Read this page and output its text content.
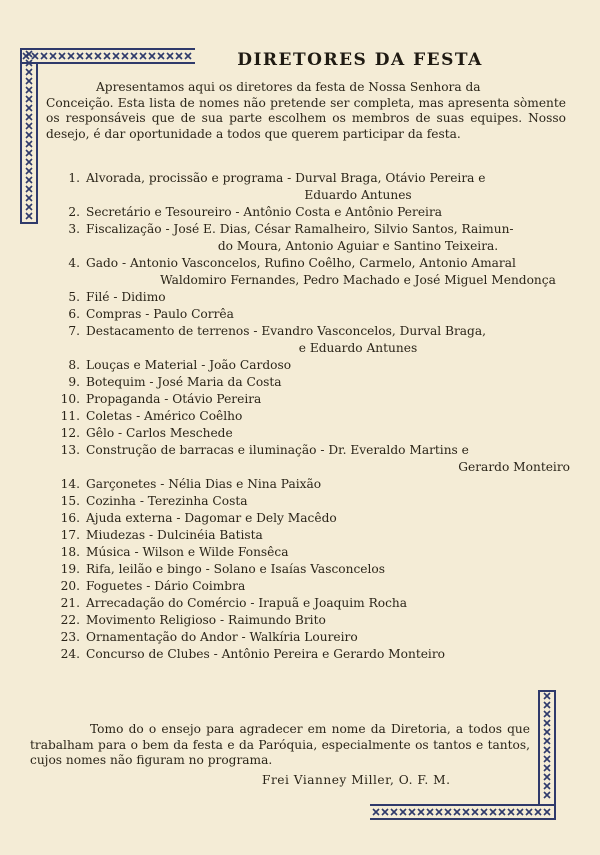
DIRETORES DA FESTA
Apresentamos aqui os diretores da festa de Nossa Senhora da
Conceição. Esta lista de nomes não pretende ser completa, mas apresenta sòmente os responsáveis que de sua parte escolhem os membros de suas equipes. Nosso desejo, é dar oportunidade a todos que querem participar da festa.
1. Alvorada, procissão e programa - Durval Braga, Otávio Pereira e
Eduardo Antunes
2. Secretário e Tesoureiro - Antônio Costa e Antônio Pereira
3. Fiscalização - José E. Dias, César Ramalheiro, Silvio Santos, Raimun-
do Moura, Antonio Aguiar e Santino Teixeira.
4. Gado - Antonio Vasconcelos, Rufino Coêlho, Carmelo, Antonio Amaral
Waldomiro Fernandes, Pedro Machado e José Miguel Mendonça
5. Filé - Didimo
6. Compras - Paulo Corrêa
7. Destacamento de terrenos - Evandro Vasconcelos, Durval Braga,
e Eduardo Antunes
8. Louças e Material - João Cardoso
9. Botequim - José Maria da Costa
10. Propaganda - Otávio Pereira
11. Coletas - Américo Coêlho
12. Gêlo - Carlos Meschede
13. Construção de barracas e iluminação - Dr. Everaldo Martins e
Gerardo Monteiro
14. Garçonetes - Nélia Dias e Nina Paixão
15. Cozinha - Terezinha Costa
16. Ajuda externa - Dagomar e Dely Macêdo
17. Miudezas - Dulcinéia Batista
18. Música - Wilson e Wilde Fonsêca
19. Rifa, leilão e bingo - Solano e Isaías Vasconcelos
20. Foguetes - Dário Coimbra
21. Arrecadação do Comércio - Irapuã e Joaquim Rocha
22. Movimento Religioso - Raimundo Brito
23. Ornamentação do Andor - Walkíria Loureiro
24. Concurso de Clubes - Antônio Pereira e Gerardo Monteiro
Tomo do o ensejo para agradecer em nome da Diretoria, a todos que trabalham para o bem da festa e da Paróquia, especialmente os tantos e tantos, cujos nomes não figuram no programa.
Frei Vianney Miller, O. F. M.
